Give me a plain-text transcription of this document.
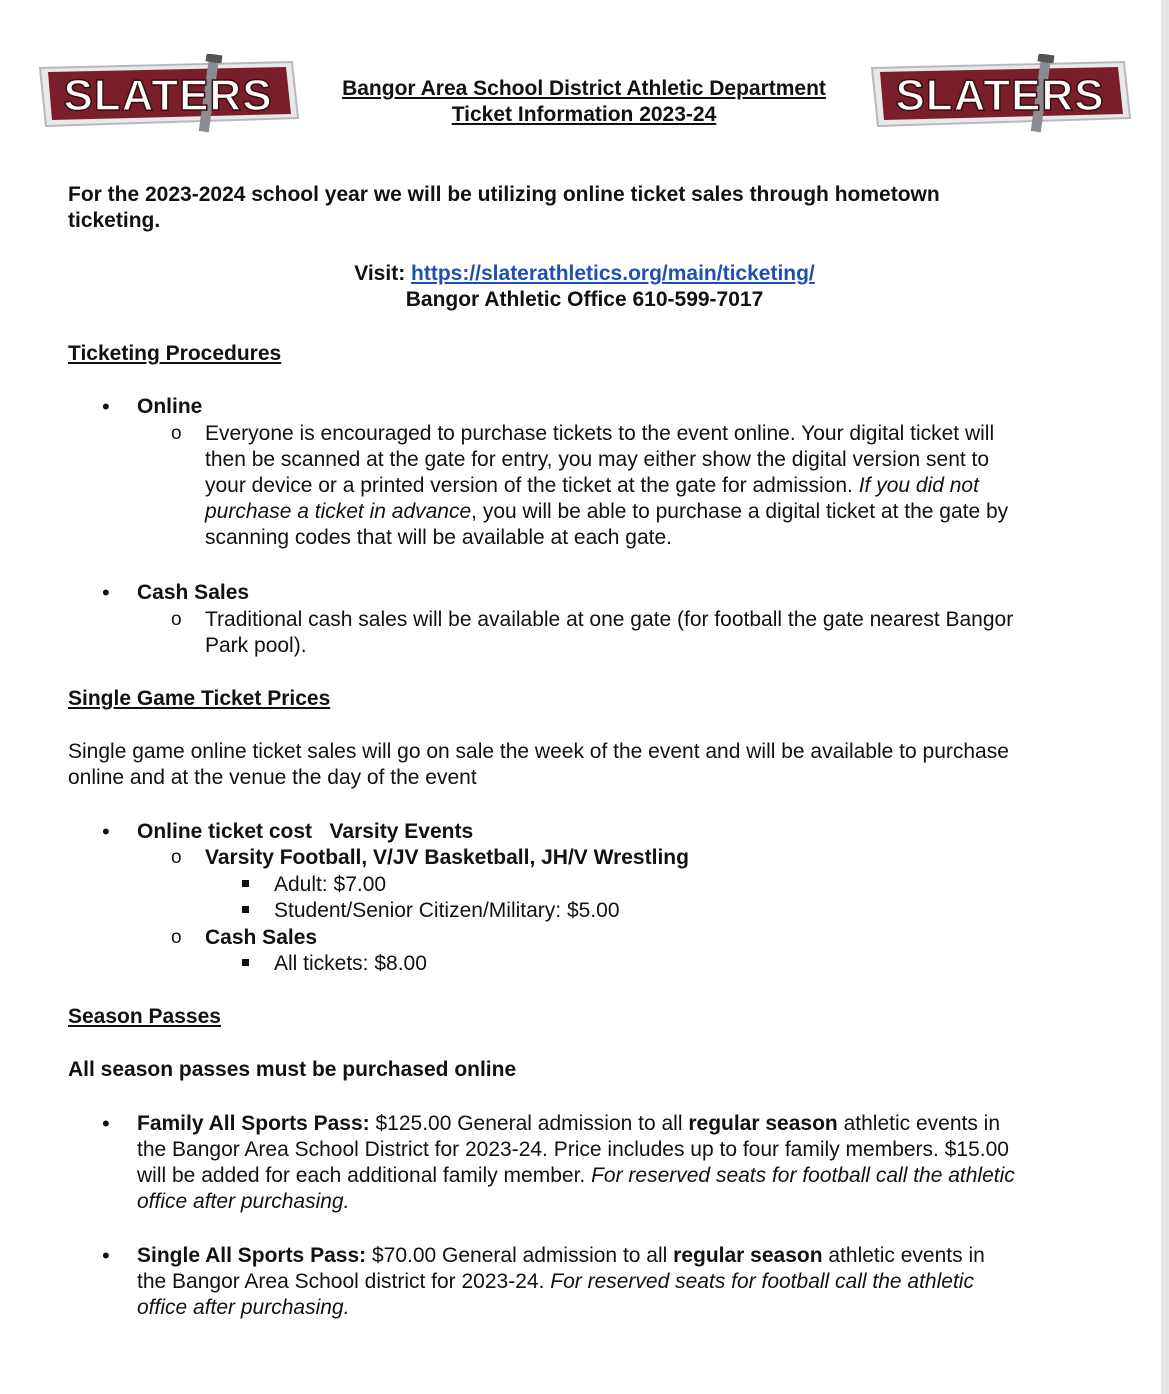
SLATERS	Bangor Area School District Athletic Department
Ticket Information 2023-24	SLATERS

For the 2023-2024 school year we will be utilizing online ticket sales through hometown

ticketing.

Visit: https://slaterathletics.org/main/ticketing/

Bangor Athletic Office 610-599-7017

Ticketing Procedures

• Online

o Everyone is encouraged to purchase tickets to the event online. Your digital ticket will

then be scanned at the gate for entry, you may either show the digital version sent to

your device or a printed version of the ticket at the gate for admission. If you did not

purchase a ticket in advance, you will be able to purchase a digital ticket at the gate by

scanning codes that will be available at each gate.

• Cash Sales

o Traditional cash sales will be available at one gate (for football the gate nearest Bangor

Park pool).

Single Game Ticket Prices

Single game online ticket sales will go on sale the week of the event and will be available to purchase

online and at the venue the day of the event

• Online ticket cost   Varsity Events

o Varsity Football, V/JV Basketball, JH/V Wrestling

Adult: $7.00

Student/Senior Citizen/Military: $5.00

o Cash Sales

All tickets: $8.00

Season Passes

All season passes must be purchased online

• Family All Sports Pass: $125.00 General admission to all regular season athletic events in

the Bangor Area School District for 2023-24. Price includes up to four family members. $15.00

will be added for each additional family member. For reserved seats for football call the athletic

office after purchasing.

• Single All Sports Pass: $70.00 General admission to all regular season athletic events in

the Bangor Area School district for 2023-24. For reserved seats for football call the athletic

office after purchasing.
